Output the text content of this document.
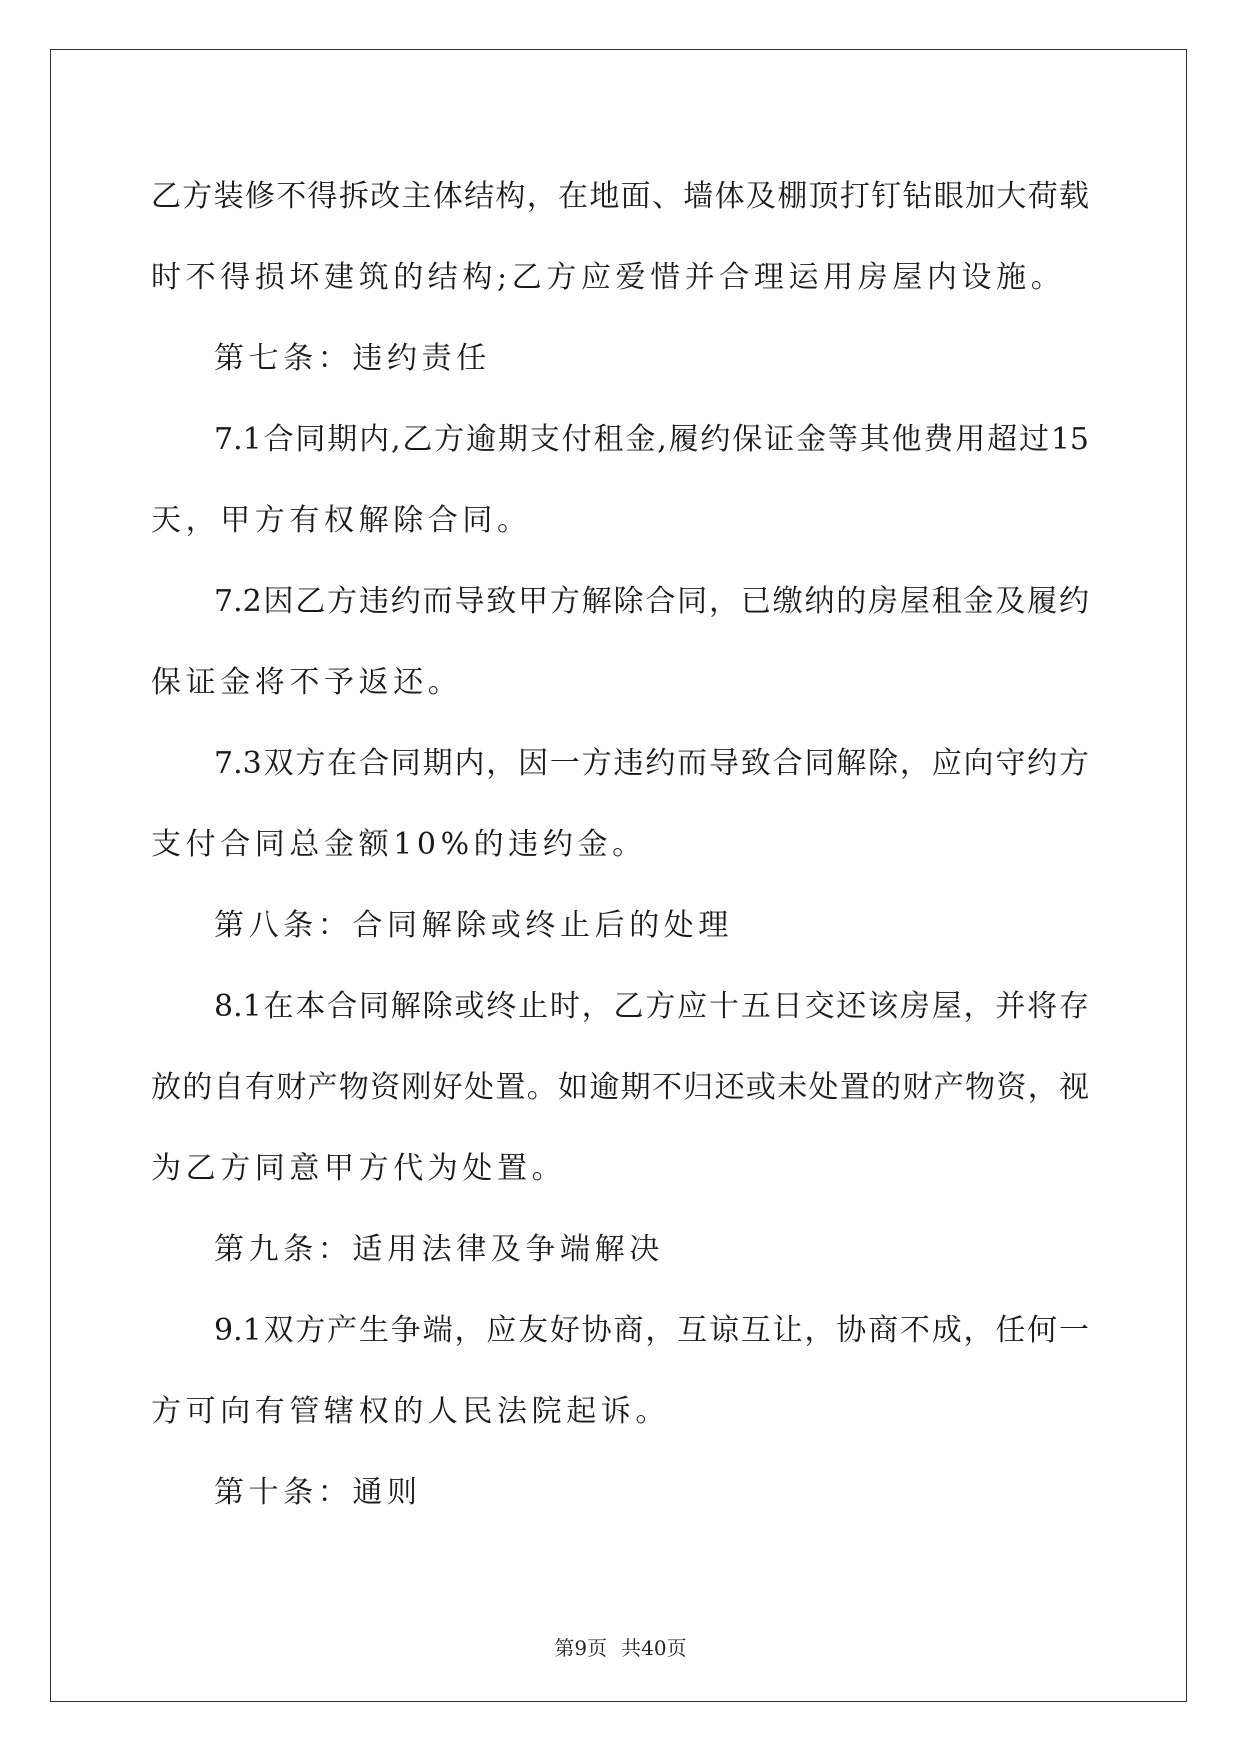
乙方装修不得拆改主体结构，在地面、墙体及棚顶打钉钻眼加大荷载
时不得损坏建筑的结构;乙方应爱惜并合理运用房屋内设施。
第七条：违约责任
7.1合同期内,乙方逾期支付租金,履约保证金等其他费用超过15
天，甲方有权解除合同。
7.2因乙方违约而导致甲方解除合同，已缴纳的房屋租金及履约
保证金将不予返还。
7.3双方在合同期内，因一方违约而导致合同解除，应向守约方
支付合同总金额10%的违约金。
第八条：合同解除或终止后的处理
8.1在本合同解除或终止时，乙方应十五日交还该房屋，并将存
放的自有财产物资刚好处置。如逾期不归还或未处置的财产物资，视
为乙方同意甲方代为处置。
第九条：适用法律及争端解决
9.1双方产生争端，应友好协商，互谅互让，协商不成，任何一
方可向有管辖权的人民法院起诉。
第十条：通则
第9页 共40页
